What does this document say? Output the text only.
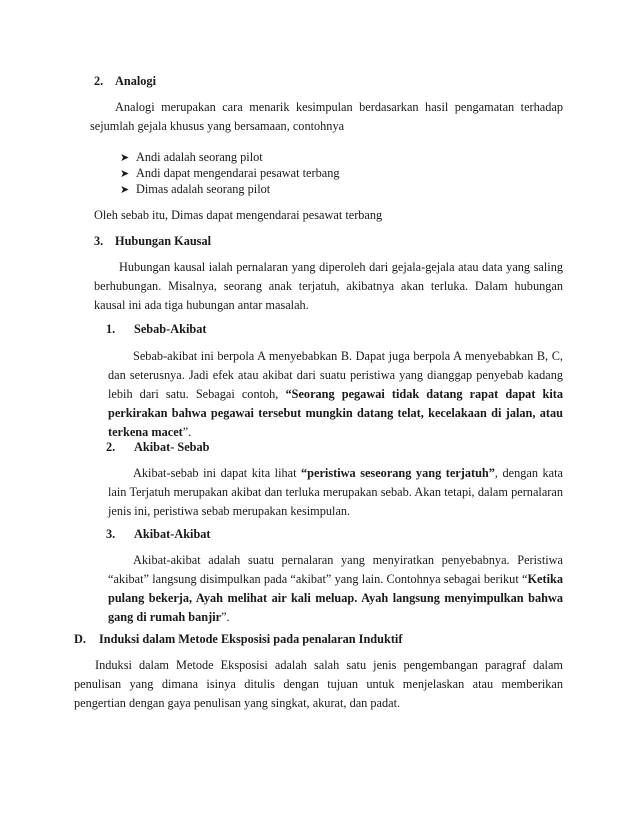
2. Analogi
Analogi merupakan cara menarik kesimpulan berdasarkan hasil pengamatan terhadap sejumlah gejala khusus yang bersamaan, contohnya
➤ Andi adalah seorang pilot
➤ Andi dapat mengendarai pesawat terbang
➤ Dimas adalah seorang pilot
Oleh sebab itu, Dimas dapat mengendarai pesawat terbang
3. Hubungan Kausal
Hubungan kausal ialah pernalaran yang diperoleh dari gejala-gejala atau data yang saling berhubungan. Misalnya, seorang anak terjatuh, akibatnya akan terluka. Dalam hubungan kausal ini ada tiga hubungan antar masalah.
1. Sebab-Akibat
Sebab-akibat ini berpola A menyebabkan B. Dapat juga berpola A menyebabkan B, C, dan seterusnya. Jadi efek atau akibat dari suatu peristiwa yang dianggap penyebab kadang lebih dari satu. Sebagai contoh, “Seorang pegawai tidak datang rapat dapat kita perkirakan bahwa pegawai tersebut mungkin datang telat, kecelakaan di jalan, atau terkena macet”.
2. Akibat- Sebab
Akibat-sebab ini dapat kita lihat “peristiwa seseorang yang terjatuh”, dengan kata lain Terjatuh merupakan akibat dan terluka merupakan sebab. Akan tetapi, dalam pernalaran jenis ini, peristiwa sebab merupakan kesimpulan.
3. Akibat-Akibat
Akibat-akibat adalah suatu pernalaran yang menyiratkan penyebabnya. Peristiwa “akibat” langsung disimpulkan pada “akibat” yang lain. Contohnya sebagai berikut “Ketika pulang bekerja, Ayah melihat air kali meluap. Ayah langsung menyimpulkan bahwa gang di rumah banjir”.
D. Induksi dalam Metode Eksposisi pada penalaran Induktif
Induksi dalam Metode Eksposisi adalah salah satu jenis pengembangan paragraf dalam penulisan yang dimana isinya ditulis dengan tujuan untuk menjelaskan atau memberikan pengertian dengan gaya penulisan yang singkat, akurat, dan padat.
